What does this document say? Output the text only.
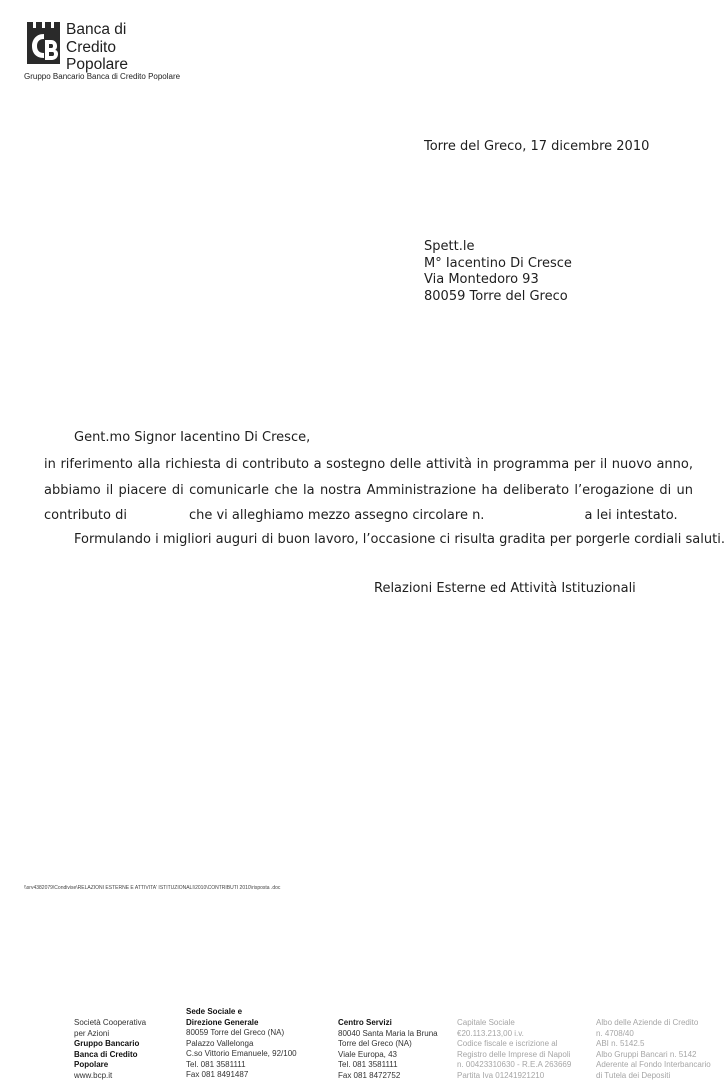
Banca di
Credito
Popolare
Gruppo Bancario Banca di Credito Popolare
Torre del Greco, 17 dicembre 2010
Spett.le
M° Iacentino Di Cresce
Via Montedoro 93
80059 Torre del Greco
Gent.mo Signor Iacentino Di Cresce,
in riferimento alla richiesta di contributo a sostegno delle attività in programma per il nuovo anno,
abbiamo il piacere di comunicarle che la nostra Amministrazione ha deliberato l’erogazione di un
contributo di	che vi alleghiamo mezzo assegno circolare n.	a lei intestato.
Formulando i migliori auguri di buon lavoro, l’occasione ci risulta gradita per porgerle cordiali saluti.
Relazioni Esterne ed Attività Istituzionali
\\srv4382079\Condivise\RELAZIONI ESTERNE E ATTIVITA' ISTITUZIONALI\2010\CONTRIBUTI 2010\risposta .doc
Società Cooperativa
per Azioni
Gruppo Bancario
Banca di Credito
Popolare
www.bcp.it
Sede Sociale e
Direzione Generale
80059 Torre del Greco (NA)
Palazzo Vallelonga
C.so Vittorio Emanuele, 92/100
Tel. 081 3581111
Fax 081 8491487
Centro Servizi
80040 Santa Maria la Bruna
Torre del Greco (NA)
Viale Europa, 43
Tel. 081 3581111
Fax 081 8472752
Capitale Sociale
€20.113.213,00 i.v.
Codice fiscale e iscrizione al
Registro delle Imprese di Napoli
n. 00423310630 - R.E.A 263669
Partita Iva 01241921210
Albo delle Aziende di Credito
n. 4708/40
ABI n. 5142.5
Albo Gruppi Bancari n. 5142
Aderente al Fondo Interbancario
di Tutela dei Depositi
